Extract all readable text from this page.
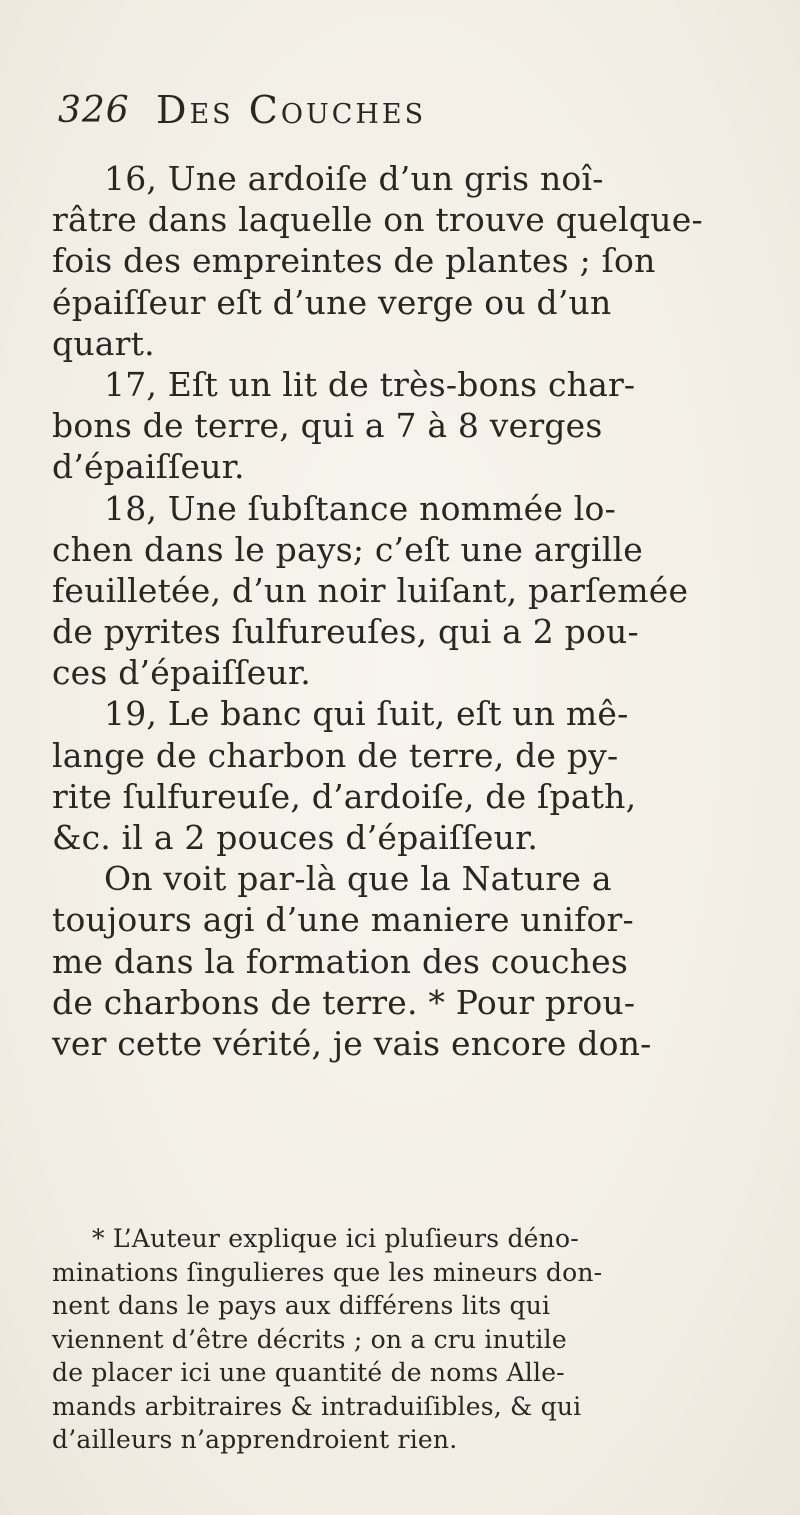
326 Des Couches
16, Une ardoiſe d’un gris noî-
râtre dans laquelle on trouve quelque-
fois des empreintes de plantes ; ſon
épaiſſeur eſt d’une verge ou d’un
quart.
17, Eſt un lit de très-bons char-
bons de terre, qui a 7 à 8 verges
d’épaiſſeur.
18, Une ſubſtance nommée lo-
chen dans le pays; c’eſt une argille
feuilletée, d’un noir luiſant, parſemée
de pyrites ſulfureuſes, qui a 2 pou-
ces d’épaiſſeur.
19, Le banc qui ſuit, eſt un mê-
lange de charbon de terre, de py-
rite ſulfureuſe, d’ardoiſe, de ſpath,
&c. il a 2 pouces d’épaiſſeur.
On voit par-là que la Nature a
toujours agi d’une maniere unifor-
me dans la formation des couches
de charbons de terre. * Pour prou-
ver cette vérité, je vais encore don-
* L’Auteur explique ici pluſieurs déno-
minations ſingulieres que les mineurs don-
nent dans le pays aux différens lits qui
viennent d’être décrits ; on a cru inutile
de placer ici une quantité de noms Alle-
mands arbitraires & intraduiſibles, & qui
d’ailleurs n’apprendroient rien.
